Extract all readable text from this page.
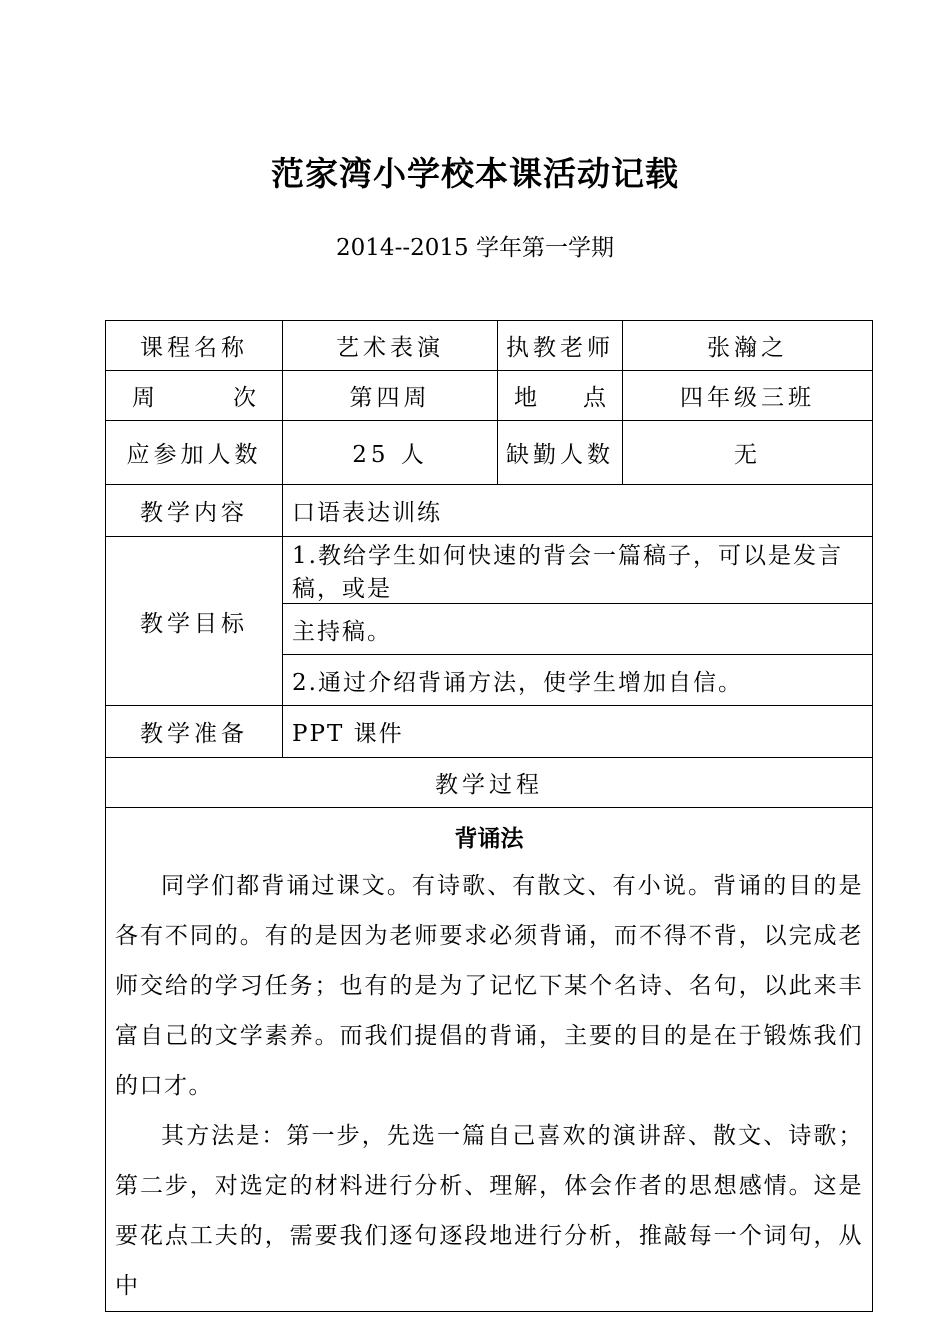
范家湾小学校本课活动记载
2014--2015 学年第一学期
课程名称	艺术表演	执教老师	张瀚之

周 次	第四周	地 点	四年级三班
应参加人数	25 人	缺勤人数	无
教学内容	口语表达训练		
教学目标	1.教给学生如何快速的背会一篇稿子，可以是发言稿，或是		
	主持稿。		
	2.通过介绍背诵方法，使学生增加自信。		
教学准备	PPT 课件		
教学过程			

背诵法

同学们都背诵过课文。有诗歌、有散文、有小说。背诵的目的是各有不同的。有的是因为老师要求必须背诵，而不得不背，以完成老师交给的学习任务；也有的是为了记忆下某个名诗、名句，以此来丰富自己的文学素养。而我们提倡的背诵，主要的目的是在于锻炼我们的口才。

其方法是：第一步，先选一篇自己喜欢的演讲辞、散文、诗歌；第二步，对选定的材料进行分析、理解，体会作者的思想感情。这是要花点工夫的，需要我们逐句逐段地进行分析，推敲每一个词句，从中			
